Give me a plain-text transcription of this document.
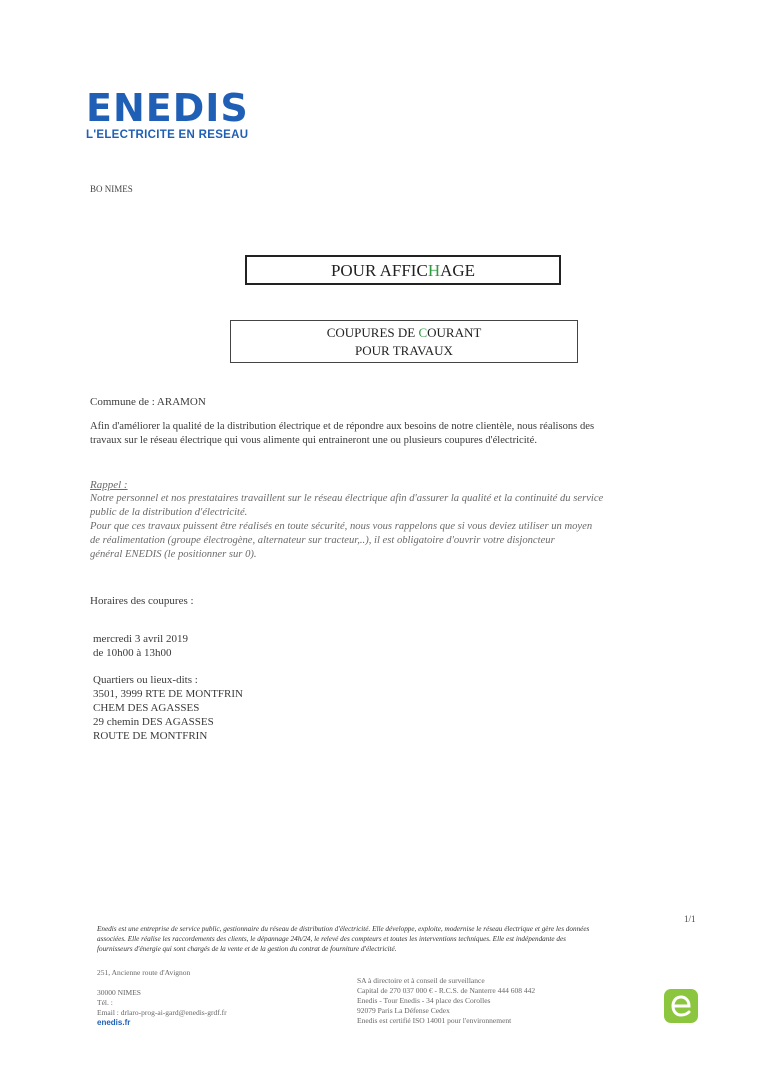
ENEDIS
L'ELECTRICITE EN RESEAU
BO NIMES
POUR AFFICHAGE
COUPURES DE COURANT
POUR TRAVAUX
Commune de : ARAMON
Afin d'améliorer la qualité de la distribution électrique et de répondre aux besoins de notre clientèle, nous réalisons des
travaux sur le réseau électrique qui vous alimente qui entraineront une ou plusieurs coupures d'électricité.
Rappel :
Notre personnel et nos prestataires travaillent sur le réseau électrique afin d'assurer la qualité et la continuité du service
public de la distribution d'électricité.
Pour que ces travaux puissent être réalisés en toute sécurité, nous vous rappelons que si vous deviez utiliser un moyen
de réalimentation (groupe électrogène, alternateur sur tracteur,..), il est obligatoire d'ouvrir votre disjoncteur
général ENEDIS (le positionner sur 0).
Horaires des coupures :
mercredi 3 avril 2019
de 10h00 à 13h00
Quartiers ou lieux-dits :
3501, 3999 RTE DE MONTFRIN
CHEM DES AGASSES
29 chemin DES AGASSES
ROUTE DE MONTFRIN
1/1
Enedis est une entreprise de service public, gestionnaire du réseau de distribution d'électricité. Elle développe, exploite, modernise le réseau électrique et gère les données
associées. Elle réalise les raccordements des clients, le dépannage 24h/24, le relevé des compteurs et toutes les interventions techniques. Elle est indépendante des
fournisseurs d'énergie qui sont chargés de la vente et de la gestion du contrat de fourniture d'électricité.
251, Ancienne route d'Avignon
30000 NIMES
Tél. :
Email : drlaro-prog-ai-gard@enedis-grdf.fr
enedis.fr
SA à directoire et à conseil de surveillance
Capital de 270 037 000 € - R.C.S. de Nanterre 444 608 442
Enedis - Tour Enedis - 34 place des Corolles
92079 Paris La Défense Cedex
Enedis est certifié ISO 14001 pour l'environnement
